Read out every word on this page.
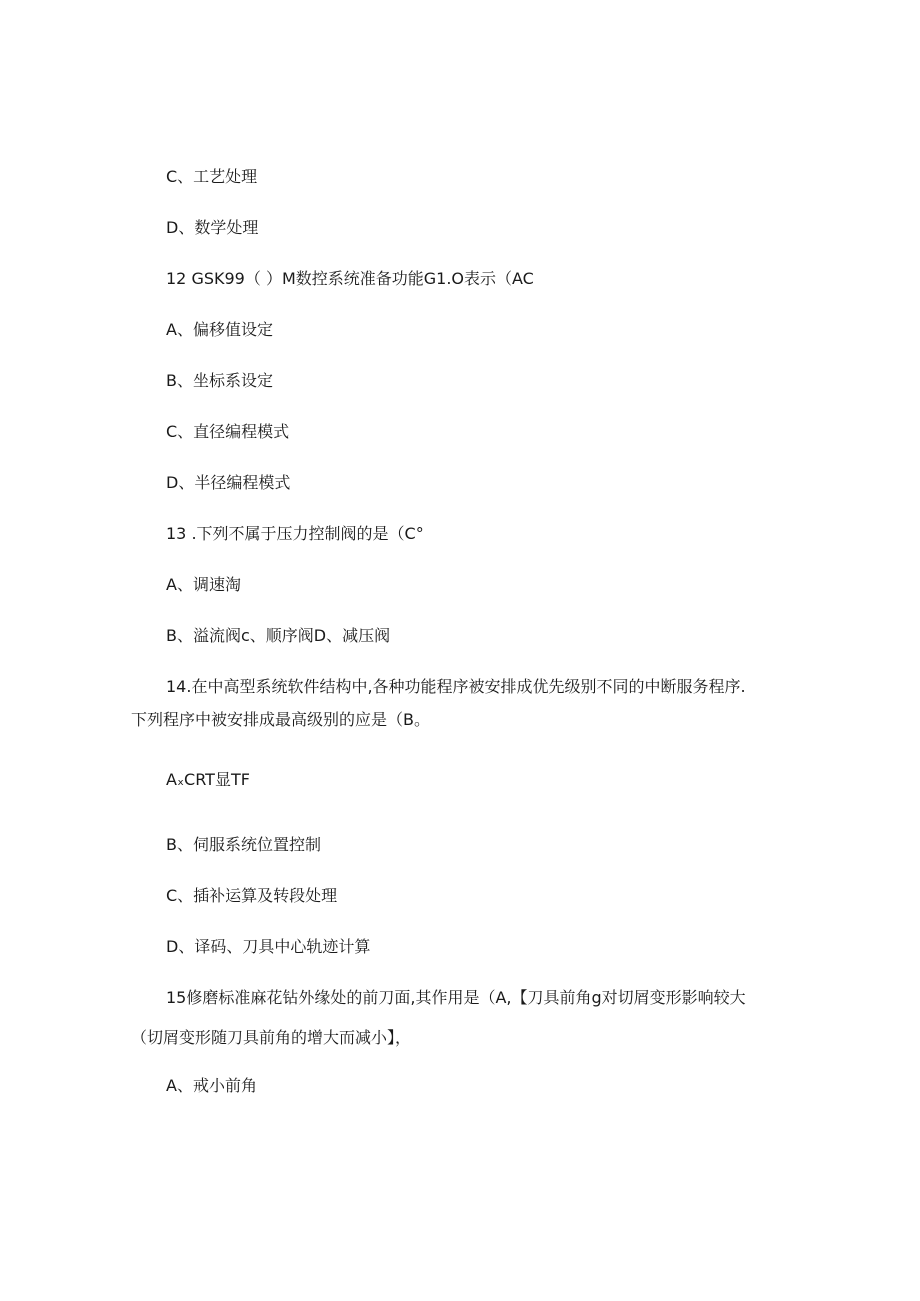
C、工艺处理
D、数学处理
12 GSK99（ ）M数控系统准备功能G1.O表示（AC
A、偏移值设定
B、坐标系设定
C、直径编程模式
D、半径编程模式
13 .下列不属于压力控制阀的是（C°
A、调速淘
B、溢流阀c、顺序阀D、减压阀
14.在中高型系统软件结构中,各种功能程序被安排成优先级别不同的中断服务程序.
下列程序中被安排成最高级别的应是（B。
AₓCRT显TF
B、伺服系统位置控制
C、插补运算及转段处理
D、译码、刀具中心轨迹计算
15修磨标准麻花钻外缘处的前刀面,其作用是（A,【刀具前角g对切屑变形影响较大
（切屑变形随刀具前角的增大而减小】，
A、戒小前角
